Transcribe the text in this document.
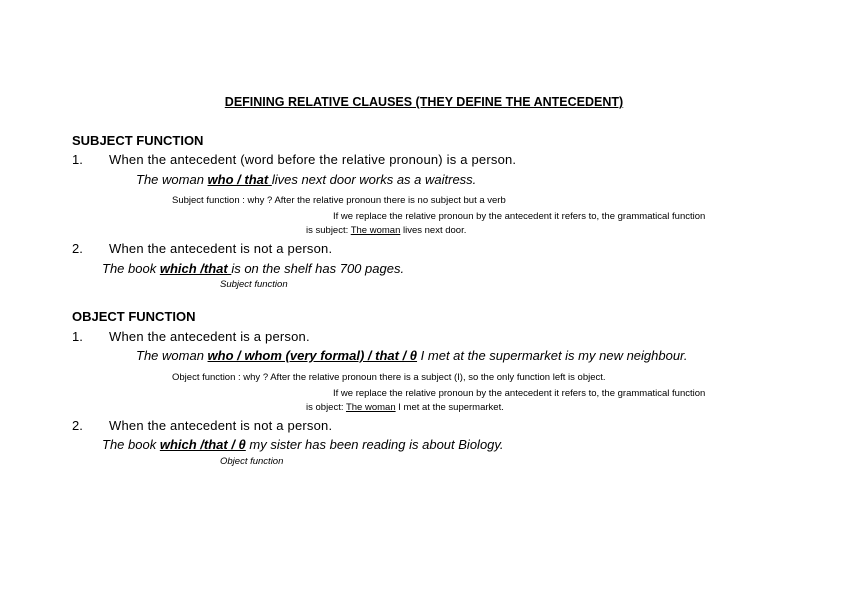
DEFINING RELATIVE CLAUSES (THEY DEFINE THE ANTECEDENT)
SUBJECT FUNCTION
1. When the antecedent (word before the relative pronoun) is a person.
The woman who / that lives next door works as a waitress.
Subject function : why ? After the relative pronoun there is no subject but a verb
If we replace the relative pronoun by the antecedent it refers to, the grammatical function
is subject: The woman lives next door.
2. When the antecedent is not a person.
The book which /that is on the shelf has 700 pages.
Subject function
OBJECT FUNCTION
1. When the antecedent is a person.
The woman who / whom (very formal) / that / θ I met at the supermarket is my new neighbour.
Object function : why ? After the relative pronoun there is a subject (I), so the only function left is object.
If we replace the relative pronoun by the antecedent it refers to, the grammatical function
is object: The woman I met at the supermarket.
2. When the antecedent is not a person.
The book which /that / θ my sister has been reading is about Biology.
Object function
